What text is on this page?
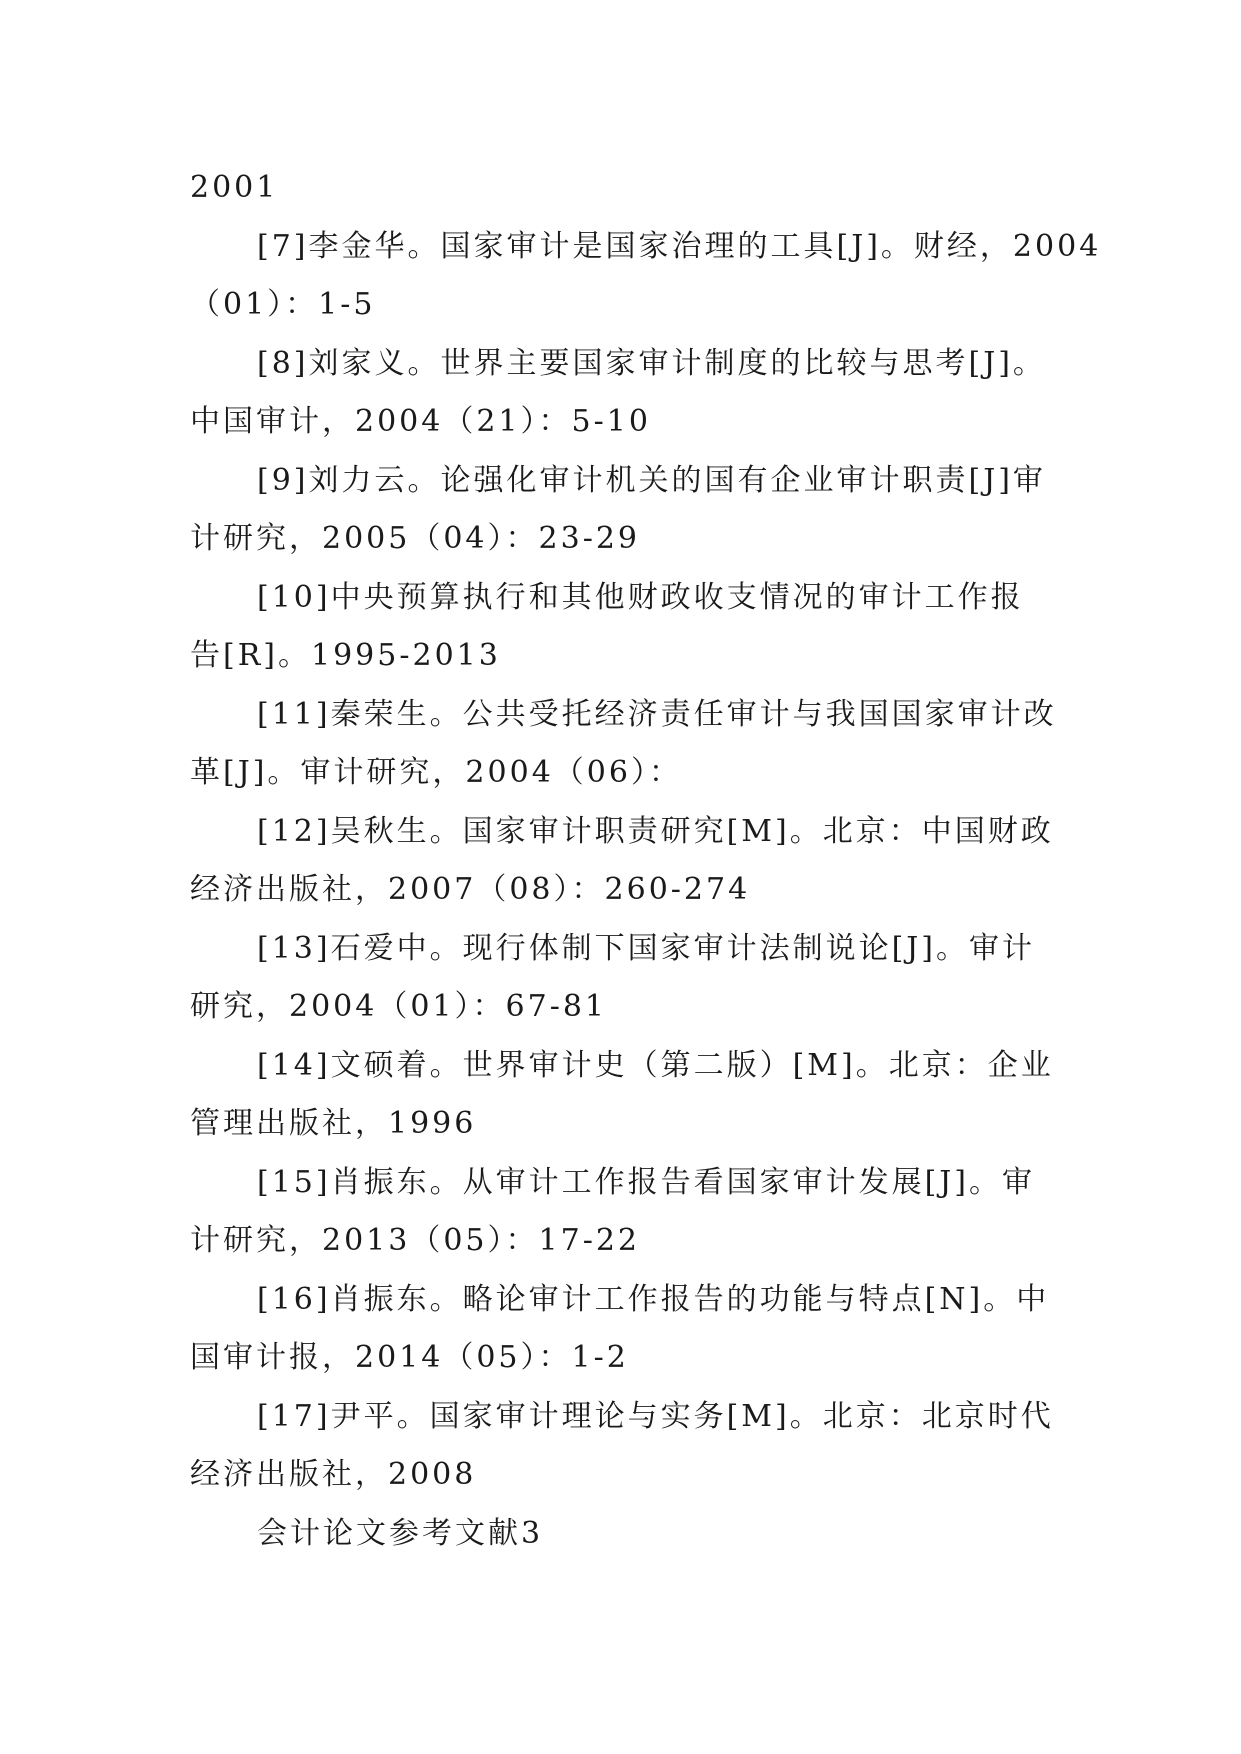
2001
[7]李金华。国家审计是国家治理的工具[J]。财经，2004
（01）：1-5
[8]刘家义。世界主要国家审计制度的比较与思考[J]。
中国审计，2004（21）：5-10
[9]刘力云。论强化审计机关的国有企业审计职责[J]审
计研究，2005（04）：23-29
[10]中央预算执行和其他财政收支情况的审计工作报
告[R]。1995-2013
[11]秦荣生。公共受托经济责任审计与我国国家审计改
革[J]。审计研究，2004（06）：
[12]吴秋生。国家审计职责研究[M]。北京：中国财政
经济出版社，2007（08）：260-274
[13]石爱中。现行体制下国家审计法制说论[J]。审计
研究，2004（01）：67-81
[14]文硕着。世界审计史（第二版）[M]。北京：企业
管理出版社，1996
[15]肖振东。从审计工作报告看国家审计发展[J]。审
计研究，2013（05）：17-22
[16]肖振东。略论审计工作报告的功能与特点[N]。中
国审计报，2014（05）：1-2
[17]尹平。国家审计理论与实务[M]。北京：北京时代
经济出版社，2008
会计论文参考文献3
